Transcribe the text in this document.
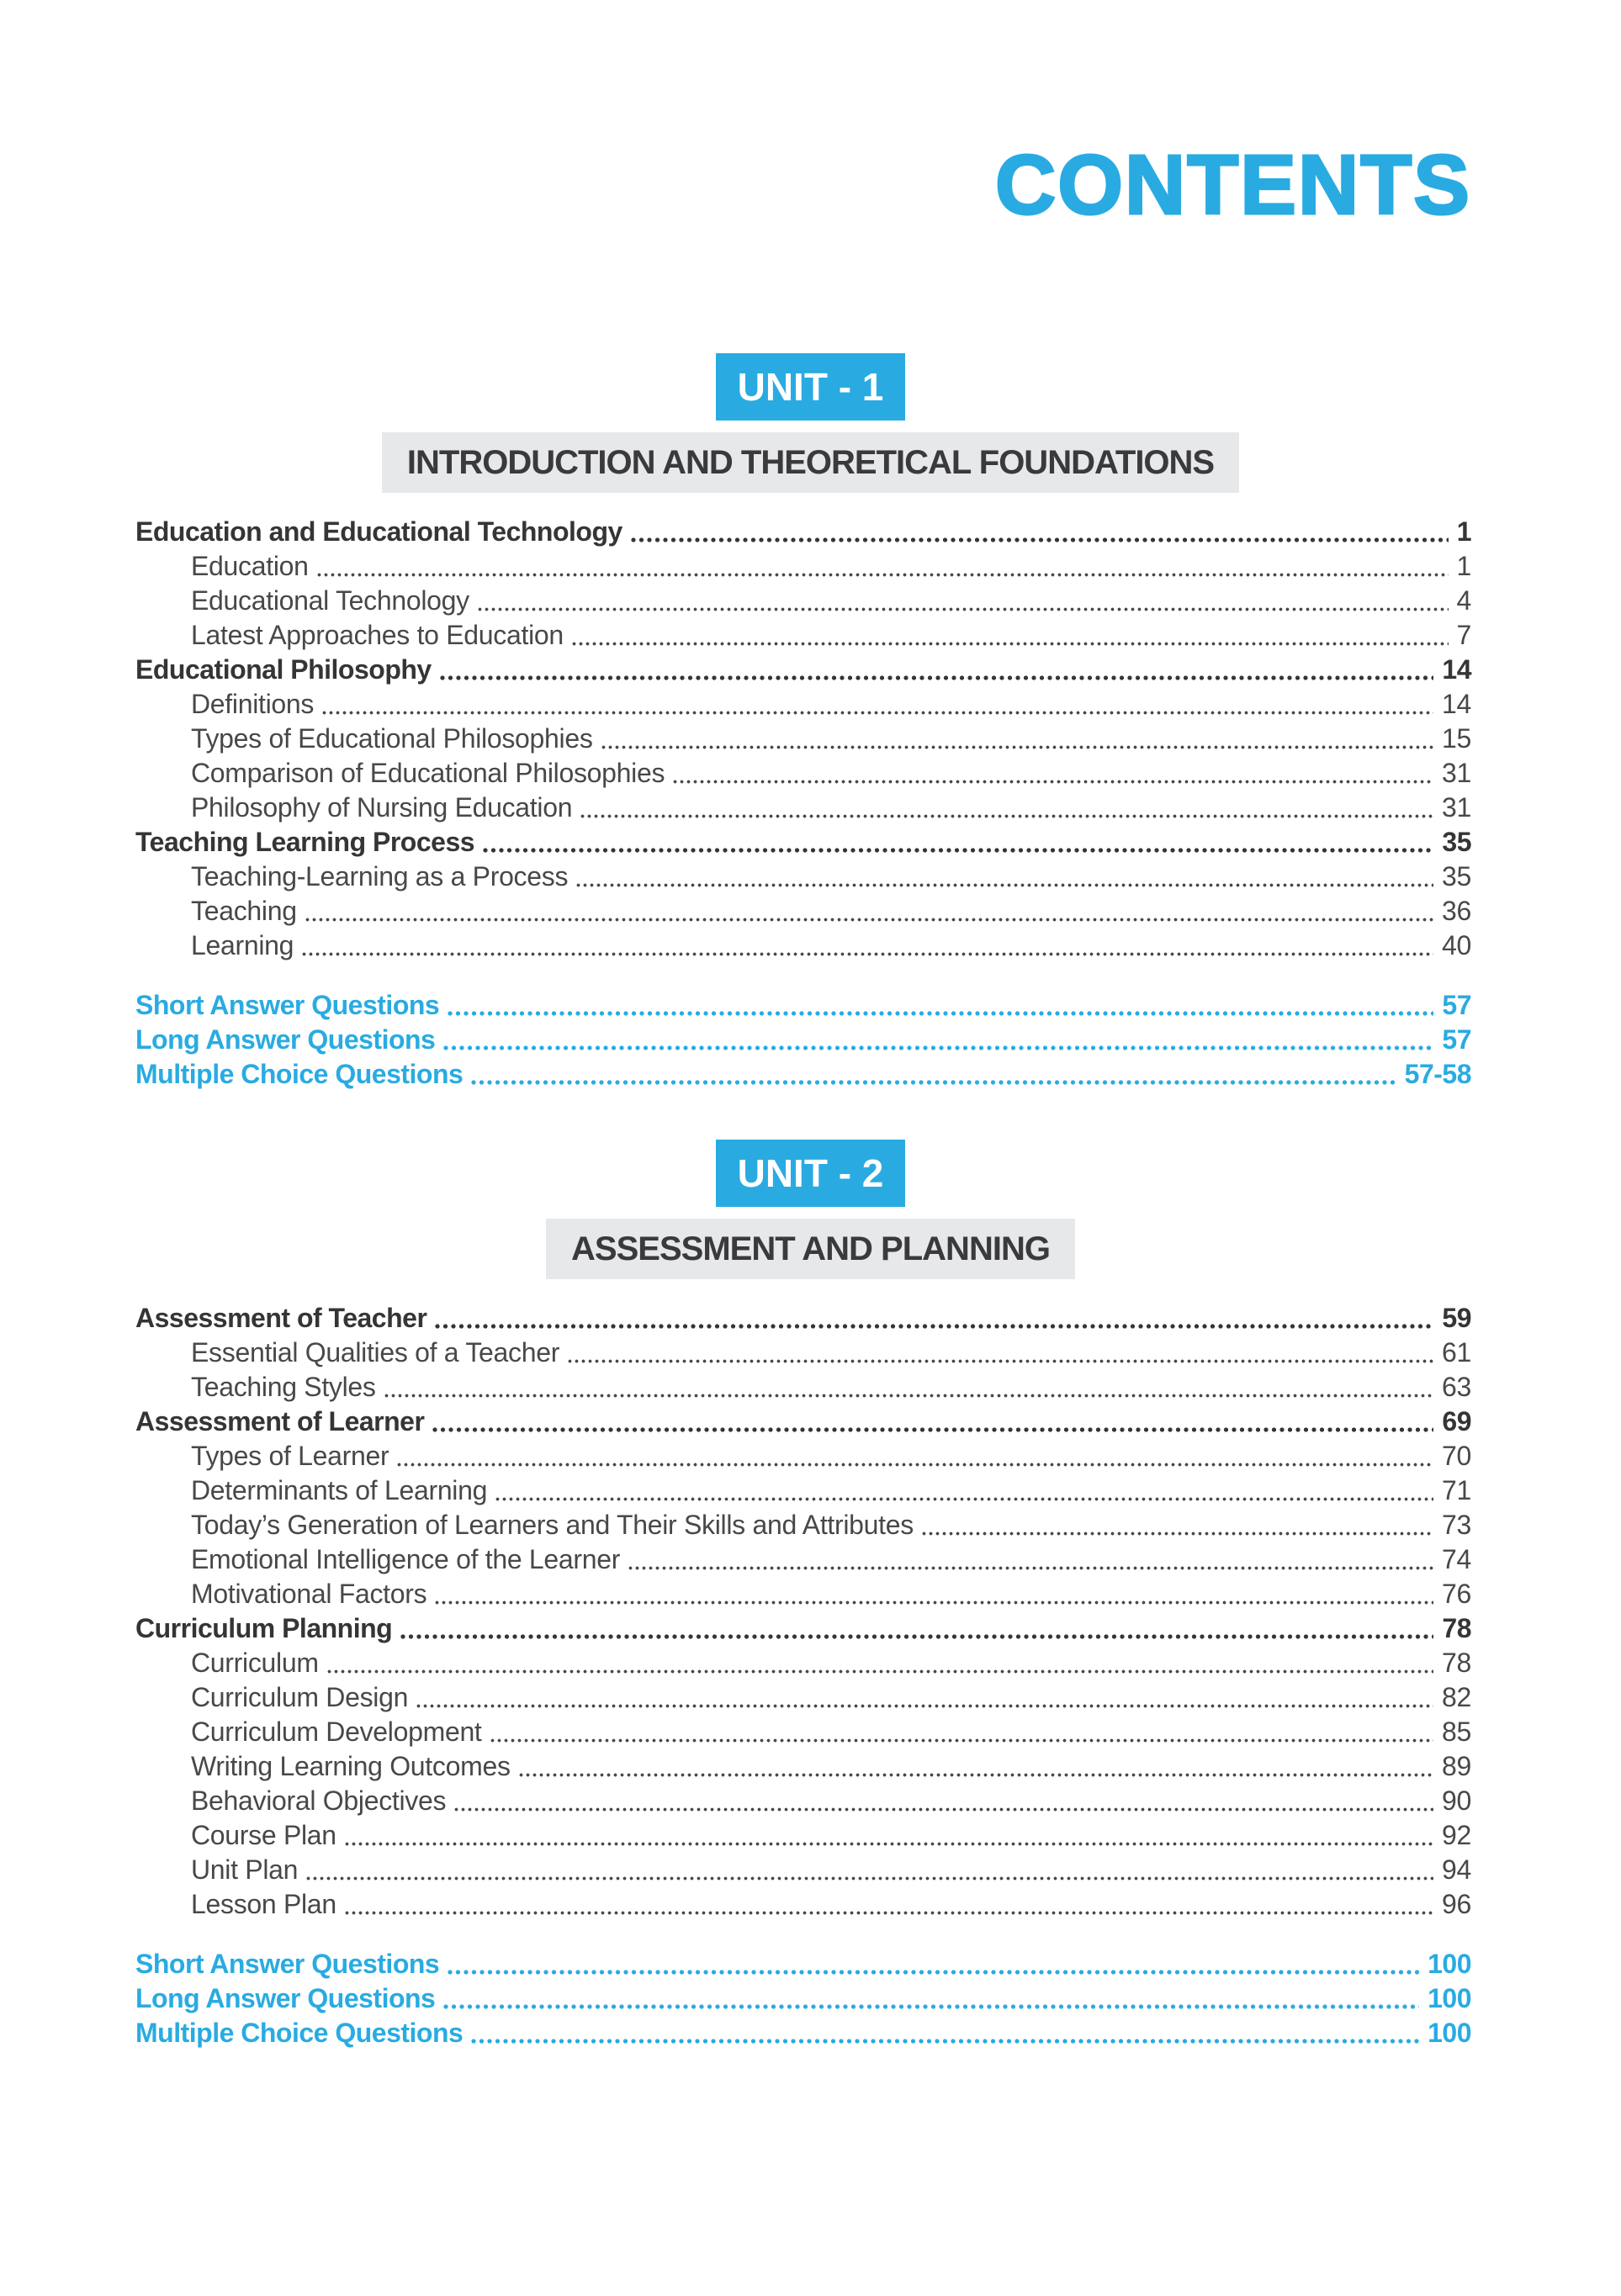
CONTENTS
UNIT - 1
INTRODUCTION AND THEORETICAL FOUNDATIONS
Education and Educational Technology	1
Education	1
Educational Technology	4
Latest Approaches to Education	7
Educational Philosophy	14
Definitions	14
Types of Educational Philosophies	15
Comparison of Educational Philosophies	31
Philosophy of Nursing Education	31
Teaching Learning Process	35
Teaching-Learning as a Process	35
Teaching	36
Learning	40
Short Answer Questions	57
Long Answer Questions	57
Multiple Choice Questions	57-58
UNIT - 2
ASSESSMENT AND PLANNING
Assessment of Teacher	59
Essential Qualities of a Teacher	61
Teaching Styles	63
Assessment of Learner	69
Types of Learner	70
Determinants of Learning	71
Today’s Generation of Learners and Their Skills and Attributes	73
Emotional Intelligence of the Learner	74
Motivational Factors	76
Curriculum Planning	78
Curriculum	78
Curriculum Design	82
Curriculum Development	85
Writing Learning Outcomes	89
Behavioral Objectives	90
Course Plan	92
Unit Plan	94
Lesson Plan	96
Short Answer Questions	100
Long Answer Questions	100
Multiple Choice Questions	100
